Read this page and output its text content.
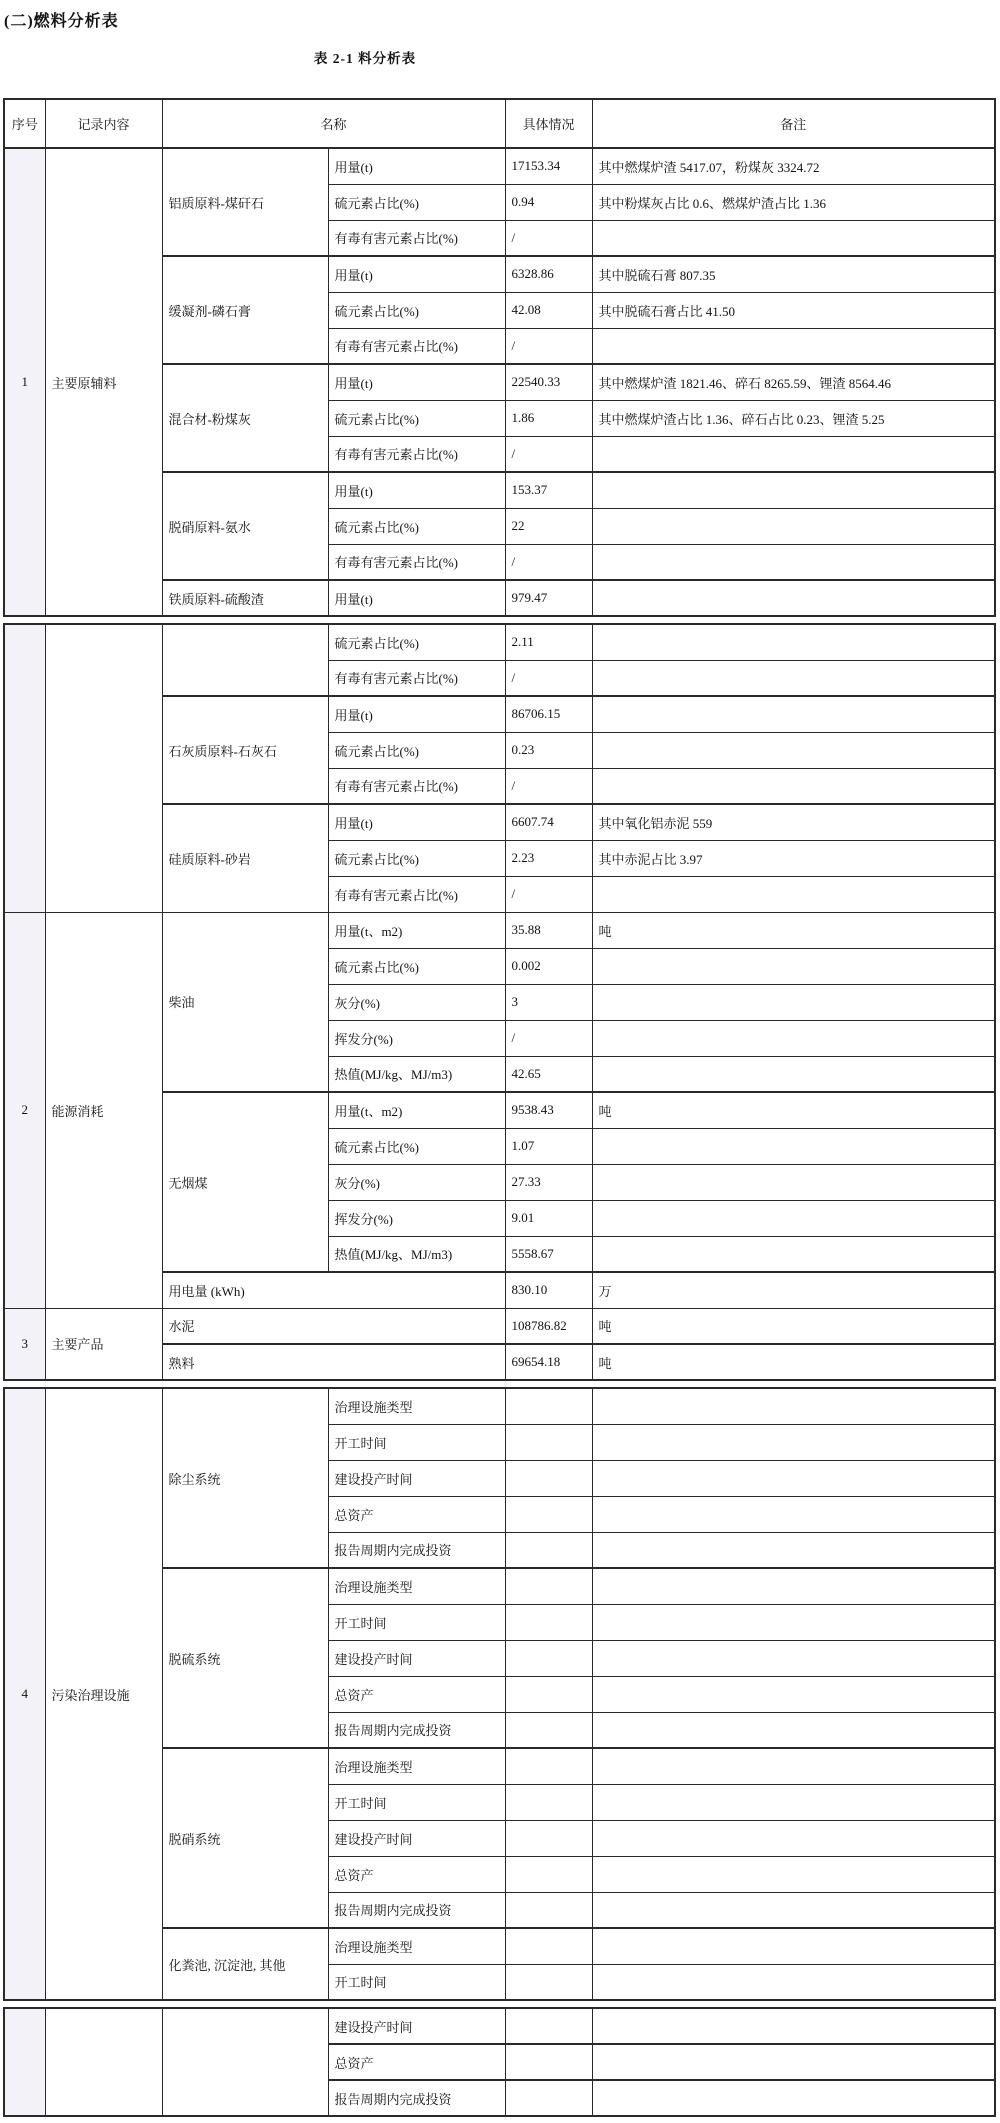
(二)燃料分析表
表 2-1 料分析表
序号	记录内容	名称		具体情况	备注
1	主要原辅料	铝质原料-煤矸石	用量(t)	17153.34	其中燃煤炉渣 5417.07，粉煤灰 3324.72
			硫元素占比(%)	0.94	其中粉煤灰占比 0.6、燃煤炉渣占比 1.36
			有毒有害元素占比(%)	/	
		缓凝剂-磷石膏	用量(t)	6328.86	其中脱硫石膏 807.35
			硫元素占比(%)	42.08	其中脱硫石膏占比 41.50
			有毒有害元素占比(%)	/	
		混合材-粉煤灰	用量(t)	22540.33	其中燃煤炉渣 1821.46、碎石 8265.59、锂渣 8564.46
			硫元素占比(%)	1.86	其中燃煤炉渣占比 1.36、碎石占比 0.23、锂渣 5.25
			有毒有害元素占比(%)	/	
		脱硝原料-氨水	用量(t)	153.37	
			硫元素占比(%)	22	
			有毒有害元素占比(%)	/	
		铁质原料-硫酸渣	用量(t)	979.47	
			硫元素占比(%)	2.11	
			有毒有害元素占比(%)	/	
		石灰质原料-石灰石	用量(t)	86706.15	
			硫元素占比(%)	0.23	
			有毒有害元素占比(%)	/	
		硅质原料-砂岩	用量(t)	6607.74	其中氧化铝赤泥 559
			硫元素占比(%)	2.23	其中赤泥占比 3.97
			有毒有害元素占比(%)	/	
2	能源消耗	柴油	用量(t、m2)	35.88	吨
			硫元素占比(%)	0.002	
			灰分(%)	3	
			挥发分(%)	/	
			热值(MJ/kg、MJ/m3)	42.65	
		无烟煤	用量(t、m2)	9538.43	吨
			硫元素占比(%)	1.07	
			灰分(%)	27.33	
			挥发分(%)	9.01	
			热值(MJ/kg、MJ/m3)	5558.67	
		用电量 (kWh)		830.10	万
3	主要产品	水泥		108786.82	吨
		熟料		69654.18	吨
4	污染治理设施	除尘系统	治理设施类型		
			开工时间		
			建设投产时间		
			总资产		
			报告周期内完成投资		
		脱硫系统	治理设施类型		
			开工时间		
			建设投产时间		
			总资产		
			报告周期内完成投资		
		脱硝系统	治理设施类型		
			开工时间		
			建设投产时间		
			总资产		
			报告周期内完成投资		
		化粪池, 沉淀池, 其他	治理设施类型		
			开工时间		
			建设投产时间		
			总资产		
			报告周期内完成投资		
